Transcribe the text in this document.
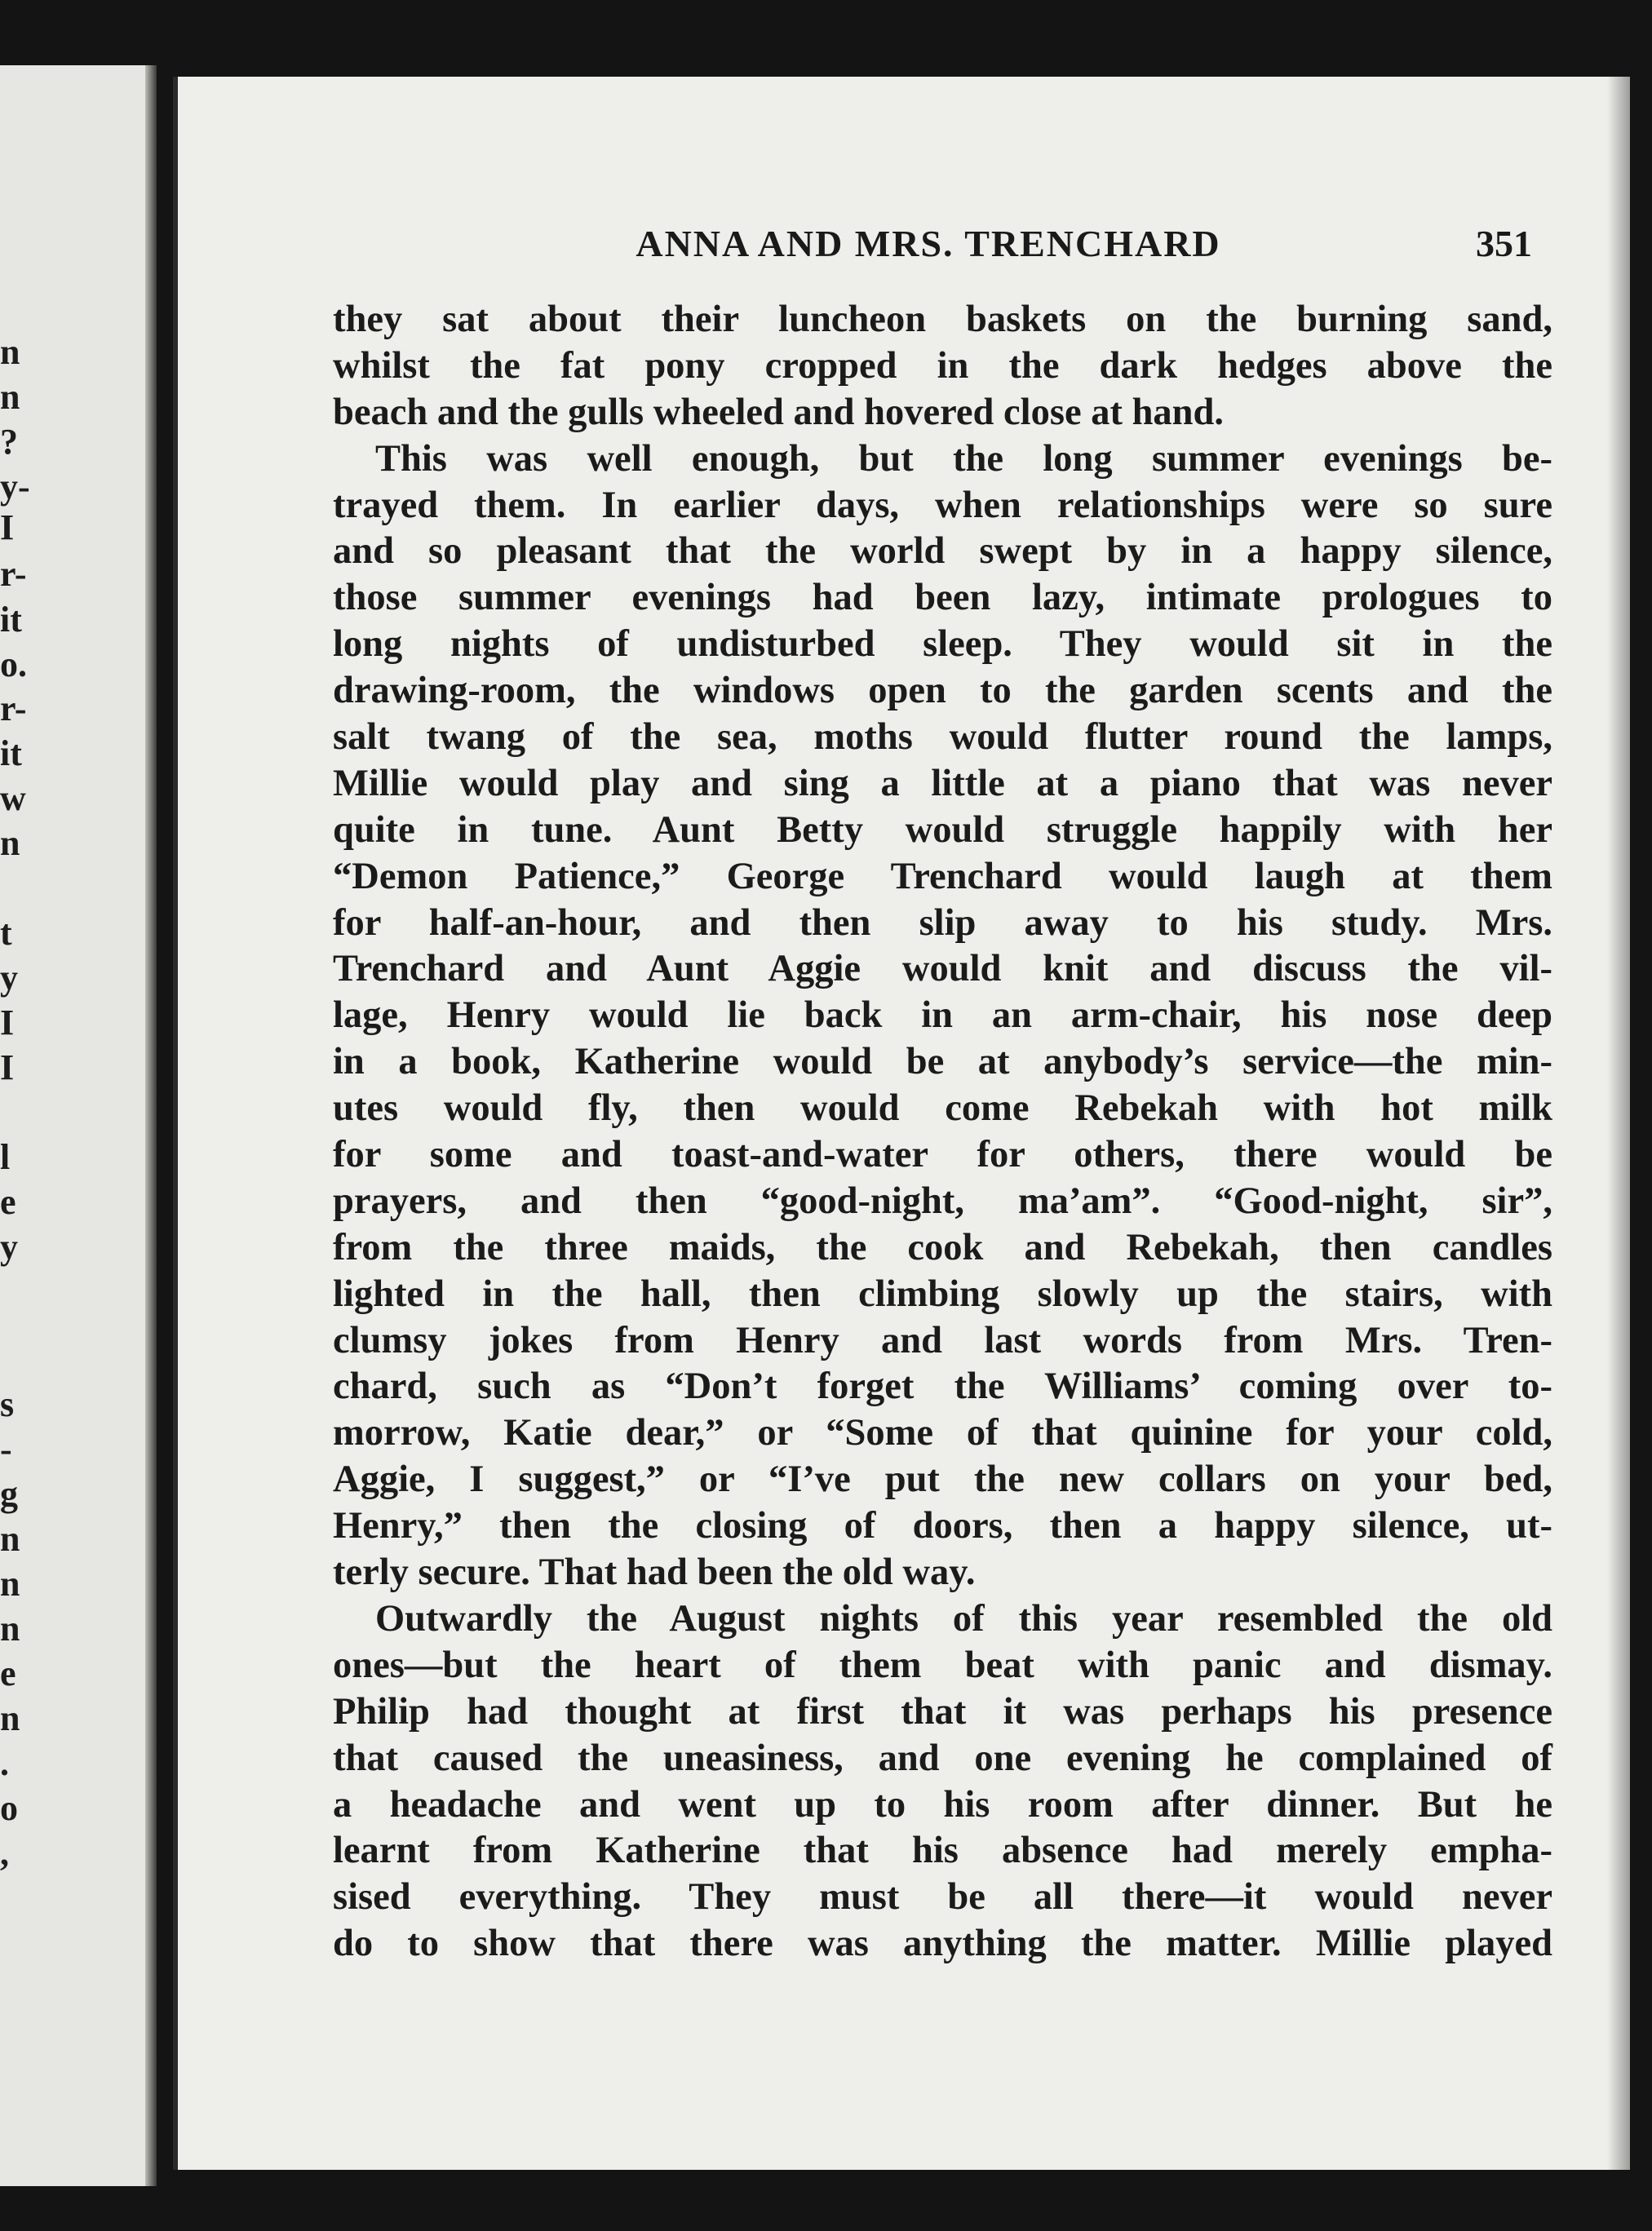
n
n
?
y-
I
r-
it
o.
r-
it
w
n
t
y
I
I
l
e
y
s
-
g
n
n
n
e
n
.
o
,
ANNA AND MRS. TRENCHARD	351
they sat about their luncheon baskets on the burning sand,
whilst the fat pony cropped in the dark hedges above the
beach and the gulls wheeled and hovered close at hand.
This was well enough, but the long summer evenings be-
trayed them. In earlier days, when relationships were so sure
and so pleasant that the world swept by in a happy silence,
those summer evenings had been lazy, intimate prologues to
long nights of undisturbed sleep. They would sit in the
drawing-room, the windows open to the garden scents and the
salt twang of the sea, moths would flutter round the lamps,
Millie would play and sing a little at a piano that was never
quite in tune. Aunt Betty would struggle happily with her
“Demon Patience,” George Trenchard would laugh at them
for half-an-hour, and then slip away to his study. Mrs.
Trenchard and Aunt Aggie would knit and discuss the vil-
lage, Henry would lie back in an arm-chair, his nose deep
in a book, Katherine would be at anybody’s service—the min-
utes would fly, then would come Rebekah with hot milk
for some and toast-and-water for others, there would be
prayers, and then “good-night, ma’am”. “Good-night, sir”,
from the three maids, the cook and Rebekah, then candles
lighted in the hall, then climbing slowly up the stairs, with
clumsy jokes from Henry and last words from Mrs. Tren-
chard, such as “Don’t forget the Williams’ coming over to-
morrow, Katie dear,” or “Some of that quinine for your cold,
Aggie, I suggest,” or “I’ve put the new collars on your bed,
Henry,” then the closing of doors, then a happy silence, ut-
terly secure. That had been the old way.
Outwardly the August nights of this year resembled the old
ones—but the heart of them beat with panic and dismay.
Philip had thought at first that it was perhaps his presence
that caused the uneasiness, and one evening he complained of
a headache and went up to his room after dinner. But he
learnt from Katherine that his absence had merely empha-
sised everything. They must be all there—it would never
do to show that there was anything the matter. Millie played
